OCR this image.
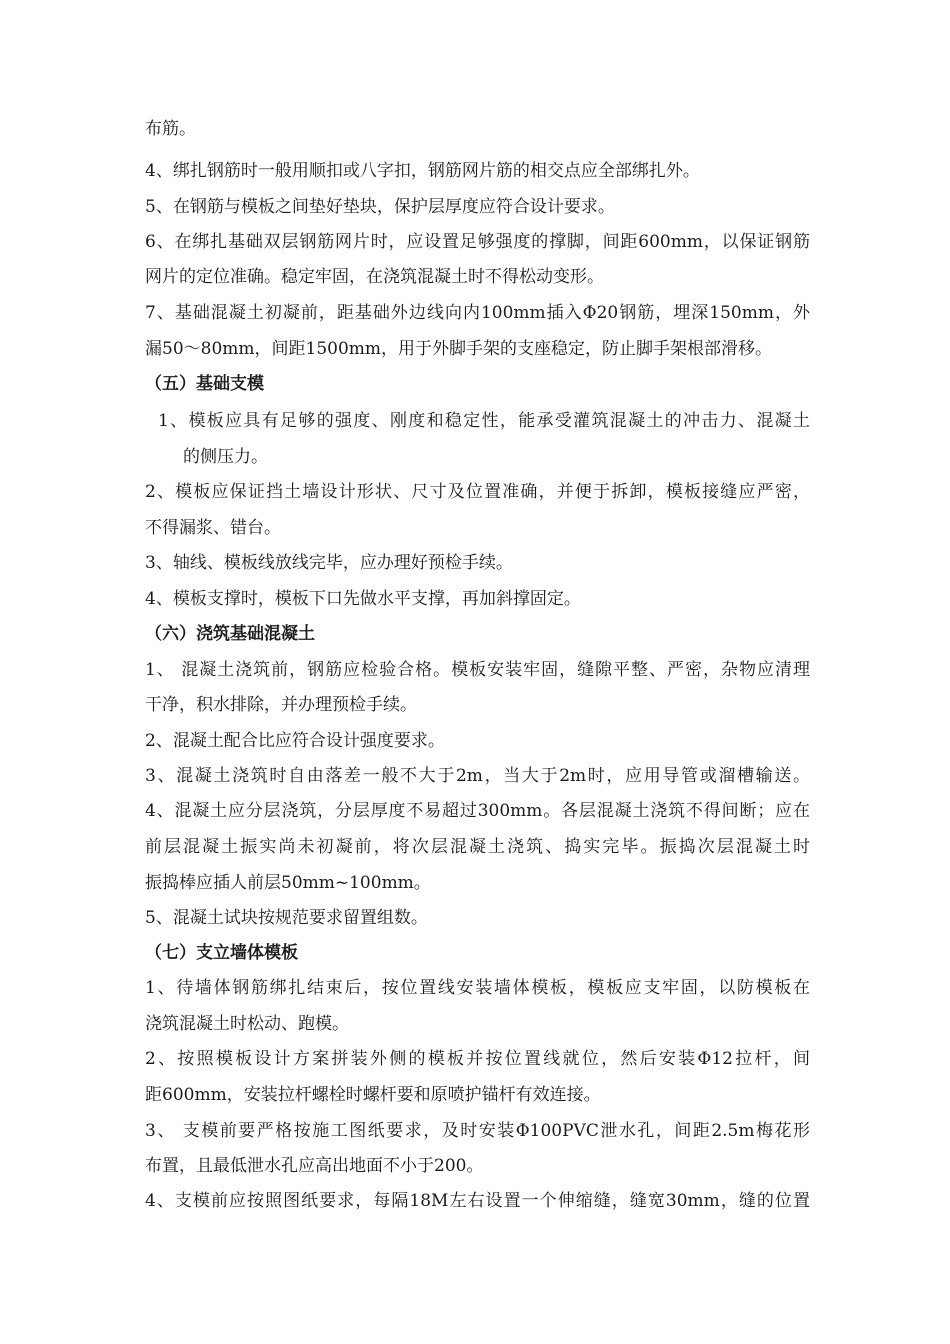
布筋。
4、绑扎钢筋时一般用顺扣或八字扣，钢筋网片筋的相交点应全部绑扎外。
5、在钢筋与模板之间垫好垫块，保护层厚度应符合设计要求。
6、在绑扎基础双层钢筋网片时，应设置足够强度的撑脚，间距600mm，以保证钢筋
网片的定位准确。稳定牢固，在浇筑混凝土时不得松动变形。
7、基础混凝土初凝前，距基础外边线向内100mm插入Φ20钢筋，埋深150mm，外
漏50～80mm，间距1500mm，用于外脚手架的支座稳定，防止脚手架根部滑移。
（五）基础支模
1、模板应具有足够的强度、刚度和稳定性，能承受灌筑混凝土的冲击力、混凝土
的侧压力。
2、模板应保证挡土墙设计形状、尺寸及位置准确，并便于拆卸，模板接缝应严密，
不得漏浆、错台。
3、轴线、模板线放线完毕，应办理好预检手续。
4、模板支撑时，模板下口先做水平支撑，再加斜撑固定。
（六）浇筑基础混凝土
1、 混凝土浇筑前，钢筋应检验合格。模板安装牢固，缝隙平整、严密，杂物应清理
干净，积水排除，并办理预检手续。
2、混凝土配合比应符合设计强度要求。
3、混凝土浇筑时自由落差一般不大于2m，当大于2m时，应用导管或溜槽输送。
4、混凝土应分层浇筑，分层厚度不易超过300mm。各层混凝土浇筑不得间断；应在
前层混凝土振实尚未初凝前，将次层混凝土浇筑、捣实完毕。振捣次层混凝土时
振捣棒应插人前层50mm~100mm。
5、混凝土试块按规范要求留置组数。
（七）支立墙体模板
1、待墙体钢筋绑扎结束后，按位置线安装墙体模板，模板应支牢固，以防模板在
浇筑混凝土时松动、跑模。
2、按照模板设计方案拼装外侧的模板并按位置线就位，然后安装Φ12拉杆，间
距600mm，安装拉杆螺栓时螺杆要和原喷护锚杆有效连接。
3、 支模前要严格按施工图纸要求，及时安装Φ100PVC泄水孔，间距2.5m梅花形
布置，且最低泄水孔应高出地面不小于200。
4、支模前应按照图纸要求，每隔18M左右设置一个伸缩缝，缝宽30mm，缝的位置
